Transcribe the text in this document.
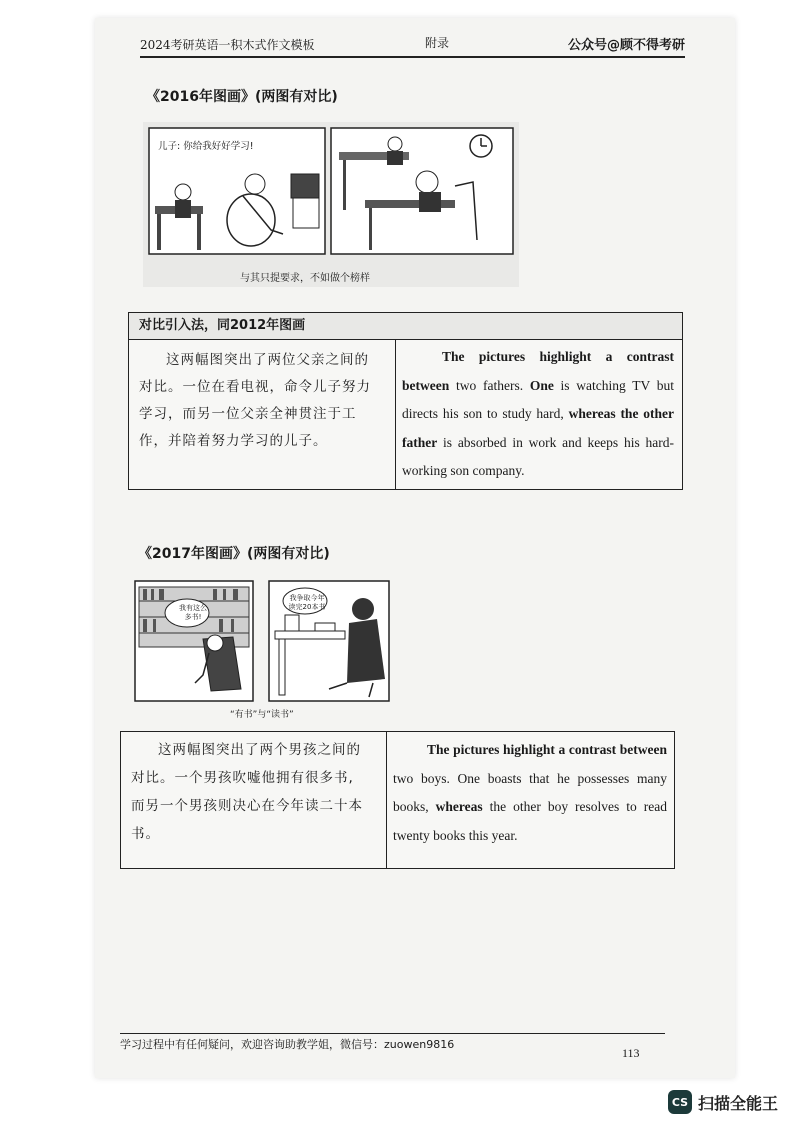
2024考研英语一积木式作文模板	附录	公众号@顾不得考研
《2016年图画》(两图有对比)
儿子: 你给我好好学习!
与其只提要求，不如做个榜样
对比引入法，同2012年图画
这两幅图突出了两位父亲之间的
对比。一位在看电视，命令儿子努力
学习，而另一位父亲全神贯注于工
作，并陪着努力学习的儿子。
The pictures highlight a contrast between two fathers. One is watching TV but directs his son to study hard, whereas the other father is absorbed in work and keeps his hard-working son company.
《2017年图画》(两图有对比)
我有这么多书!
我争取今年读完20本书
“有书”与“读书”
这两幅图突出了两个男孩之间的
对比。一个男孩吹嘘他拥有很多书,
而另一个男孩则决心在今年读二十本
书。
The pictures highlight a contrast between two boys. One boasts that he possesses many books, whereas the other boy resolves to read twenty books this year.
学习过程中有任何疑问，欢迎咨询助教学姐，微信号：zuowen9816
113
CS 扫描全能王
